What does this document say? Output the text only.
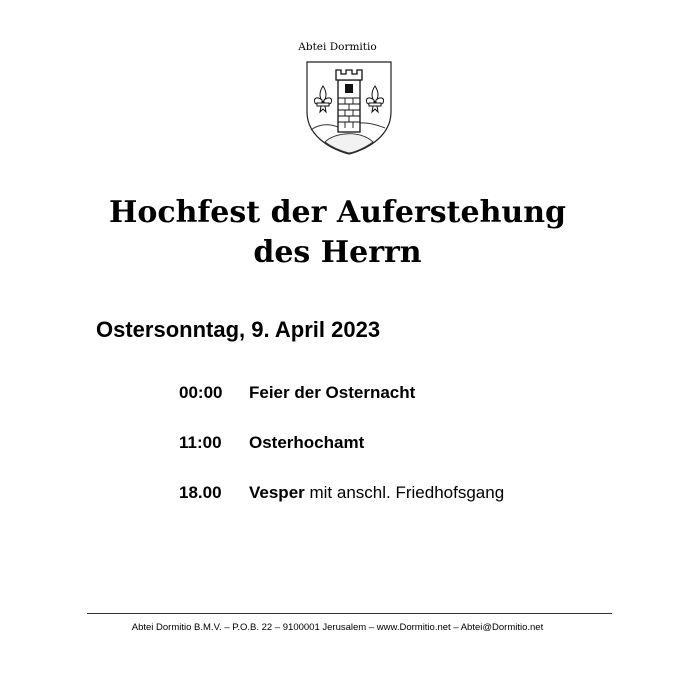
Abtei Dormitio
Hochfest der Auferstehung
des Herrn
Ostersonntag, 9. April 2023
00:00 Feier der Osternacht
11:00 Osterhochamt
18.00 Vesper mit anschl. Friedhofsgang
Abtei Dormitio B.M.V. – P.O.B. 22 – 9100001 Jerusalem – www.Dormitio.net – Abtei@Dormitio.net
